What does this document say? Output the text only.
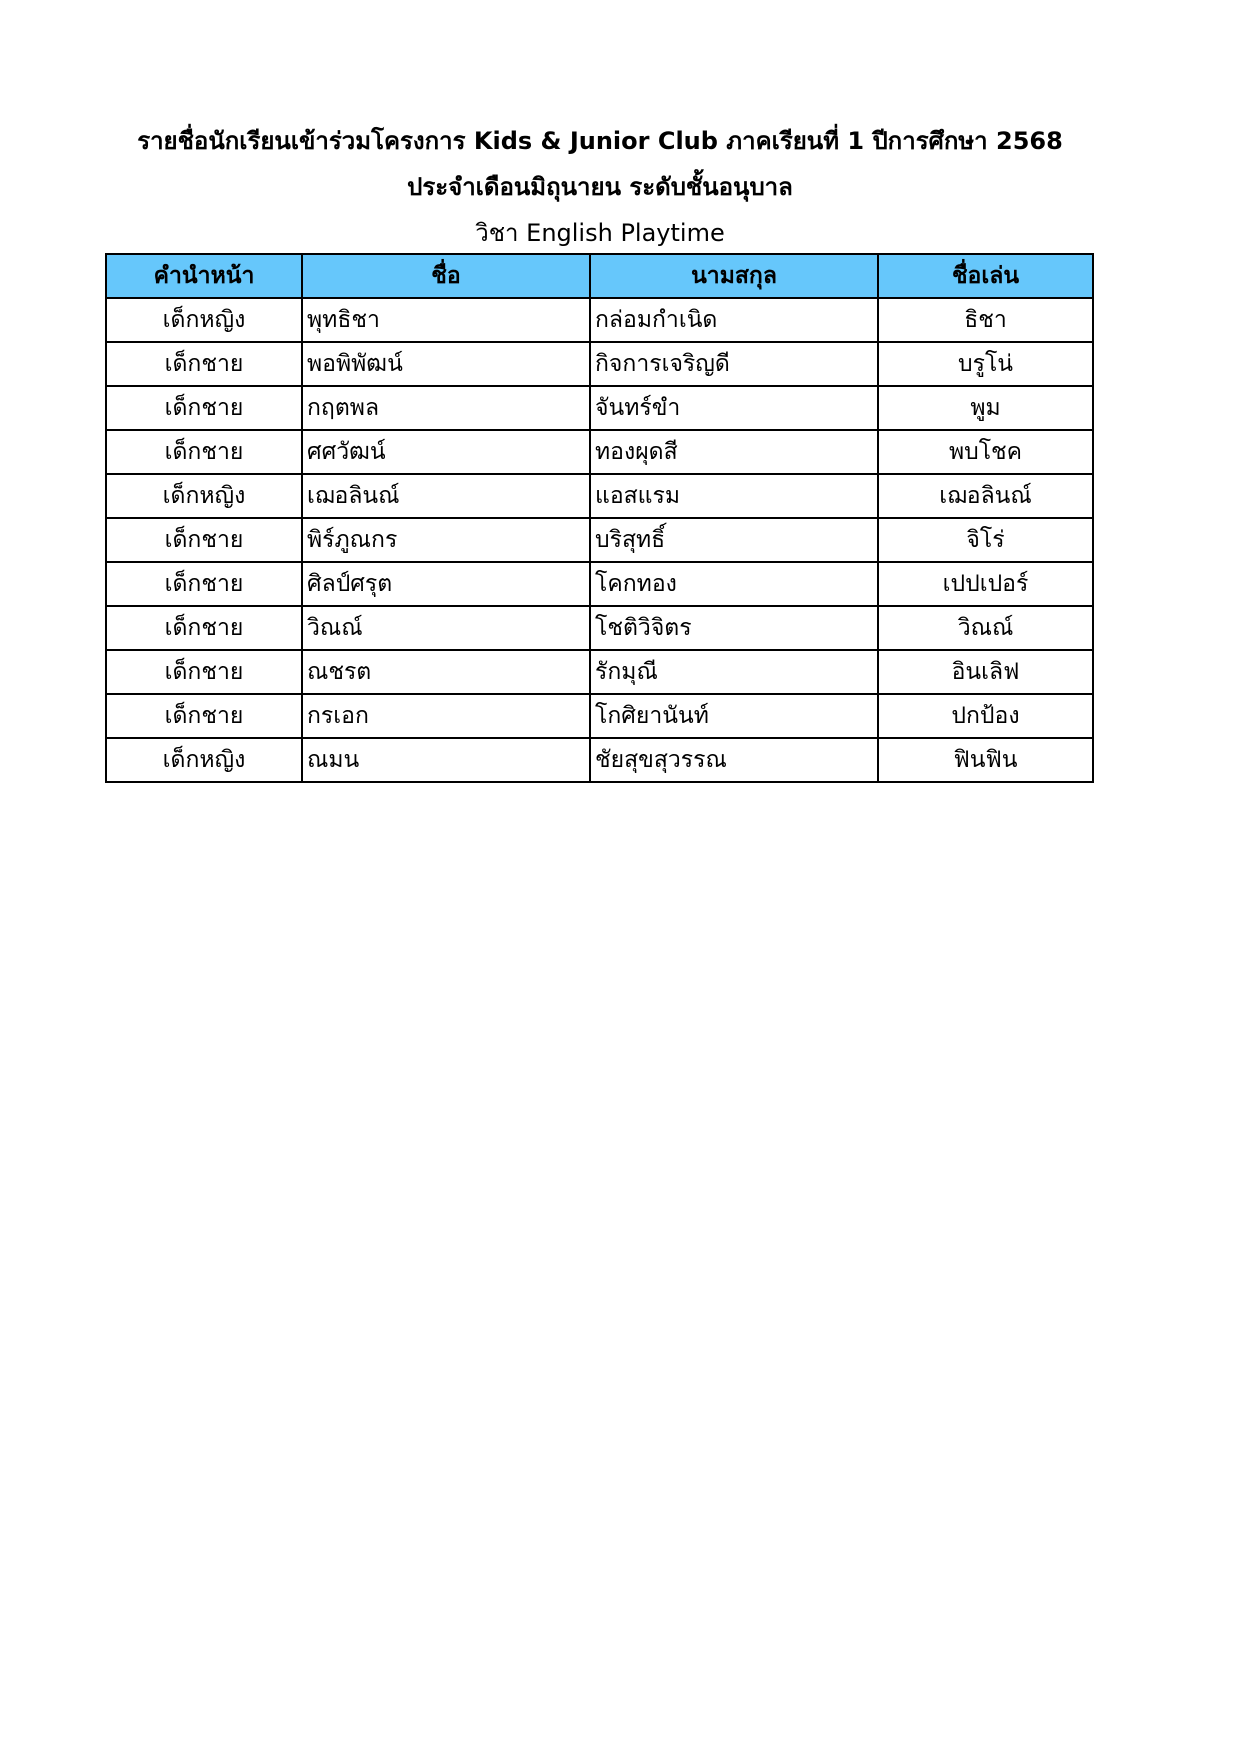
รายชื่อนักเรียนเข้าร่วมโครงการ Kids & Junior Club ภาคเรียนที่ 1 ปีการศึกษา 2568
ประจำเดือนมิถุนายน ระดับชั้นอนุบาล
วิชา English Playtime
คำนำหน้า	ชื่อ	นามสกุล	ชื่อเล่น
เด็กหญิง	พุทธิชา	กล่อมกำเนิด	ธิชา
เด็กชาย	พอพิพัฒน์	กิจการเจริญดี	บรูโน่
เด็กชาย	กฤตพล	จันทร์ขำ	พูม
เด็กชาย	ศศวัฒน์	ทองผุดสี	พบโชค
เด็กหญิง	เฌอลินณ์	แอสแรม	เฌอลินณ์
เด็กชาย	พิร์ภูณกร	บริสุทธิ์	จิโร่
เด็กชาย	ศิลป์ศรุต	โคกทอง	เปปเปอร์
เด็กชาย	วิณณ์	โชติวิจิตร	วิณณ์
เด็กชาย	ณชรต	รักมุณี	อินเลิฟ
เด็กชาย	กรเอก	โกศิยานันท์	ปกป้อง
เด็กหญิง	ณมน	ชัยสุขสุวรรณ	ฟินฟิน
